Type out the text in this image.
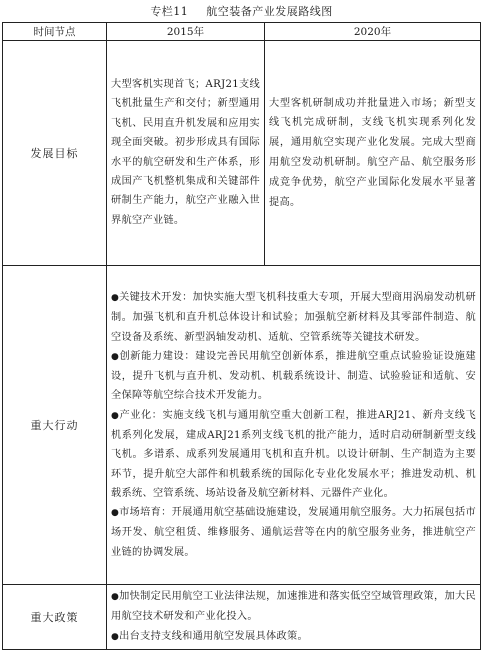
专栏11 航空装备产业发展路线图
时间节点	2015年	2020年
发展目标	大型客机实现首飞；ARJ21支线飞机批量生产和交付；新型通用飞机、民用直升机发展和应用实现全面突破。初步形成具有国际水平的航空研发和生产体系，形成国产飞机整机集成和关键部件研制生产能力，航空产业融入世界航空产业链。	大型客机研制成功并批量进入市场；新型支线飞机完成研制，支线飞机实现系列化发展，通用航空实现产业化发展。完成大型商用航空发动机研制。航空产品、航空服务形成竞争优势，航空产业国际化发展水平显著提高。

重大行动	●关键技术开发：加快实施大型飞机科技重大专项，开展大型商用涡扇发动机研制。加强飞机和直升机总体设计和试验；加强航空新材料及其零部件制造、航空设备及系统、新型涡轴发动机、适航、空管系统等关键技术研发。

●创新能力建设：建设完善民用航空创新体系，推进航空重点试验验证设施建设，提升飞机与直升机、发动机、机载系统设计、制造、试验验证和适航、安全保障等航空综合技术开发能力。

●产业化：实施支线飞机与通用航空重大创新工程，推进ARJ21、新舟支线飞机系列化发展，建成ARJ21系列支线飞机的批产能力，适时启动研制新型支线飞机。多谱系、成系列发展通用飞机和直升机。以设计研制、生产制造为主要环节，提升航空大部件和机载系统的国际化专业化发展水平；推进发动机、机载系统、空管系统、场站设备及航空新材料、元器件产业化。

●市场培育：开展通用航空基础设施建设，发展通用航空服务。大力拓展包括市场开发、航空租赁、维修服务、通航运营等在内的航空服务业务，推进航空产业链的协调发展。	

重大政策	●加快制定民用航空工业法律法规，加速推进和落实低空空域管理政策，加大民用航空技术研发和产业化投入。

●出台支持支线和通用航空发展具体政策。	
